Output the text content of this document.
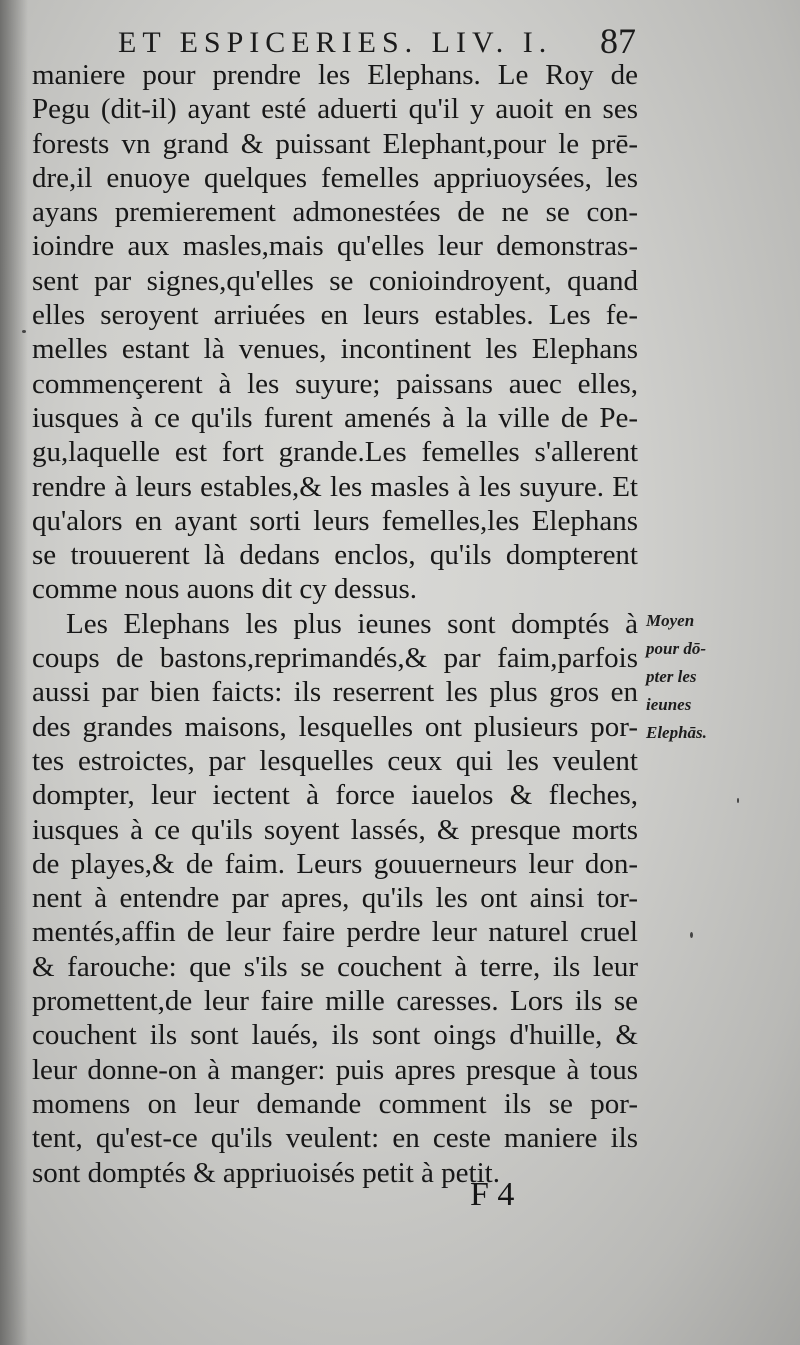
ET ESPICERIES. LIV. I. 87
maniere pour prendre les Elephans. Le Roy de
Pegu (dit-il) ayant esté aduerti qu'il y auoit en ses
forests vn grand & puissant Elephant,pour le prē-
dre,il enuoye quelques femelles appriuoysées, les
ayans premierement admonestées de ne se con-
ioindre aux masles,mais qu'elles leur demonstras-
sent par signes,qu'elles se conioindroyent, quand
elles seroyent arriuées en leurs estables. Les fe-
melles estant là venues, incontinent les Elephans
commençerent à les suyure; paissans auec elles,
iusques à ce qu'ils furent amenés à la ville de Pe-
gu,laquelle est fort grande.Les femelles s'allerent
rendre à leurs estables,& les masles à les suyure. Et
qu'alors en ayant sorti leurs femelles,les Elephans
se trouuerent là dedans enclos, qu'ils dompterent
comme nous auons dit cy dessus.
Les Elephans les plus ieunes sont domptés à
coups de bastons,reprimandés,& par faim,parfois
aussi par bien faicts: ils reserrent les plus gros en
des grandes maisons, lesquelles ont plusieurs por-
tes estroictes, par lesquelles ceux qui les veulent
dompter, leur iectent à force iauelos & fleches,
iusques à ce qu'ils soyent lassés, & presque morts
de playes,& de faim. Leurs gouuerneurs leur don-
nent à entendre par apres, qu'ils les ont ainsi tor-
mentés,affin de leur faire perdre leur naturel cruel
& farouche: que s'ils se couchent à terre, ils leur
promettent,de leur faire mille caresses. Lors ils se
couchent ils sont laués, ils sont oings d'huille, &
leur donne-on à manger: puis apres presque à tous
momens on leur demande comment ils se por-
tent, qu'est-ce qu'ils veulent: en ceste maniere ils
sont domptés & appriuoisés petit à petit.
Moyen
pour dō-
pter les
ieunes
Elephās.
F 4
